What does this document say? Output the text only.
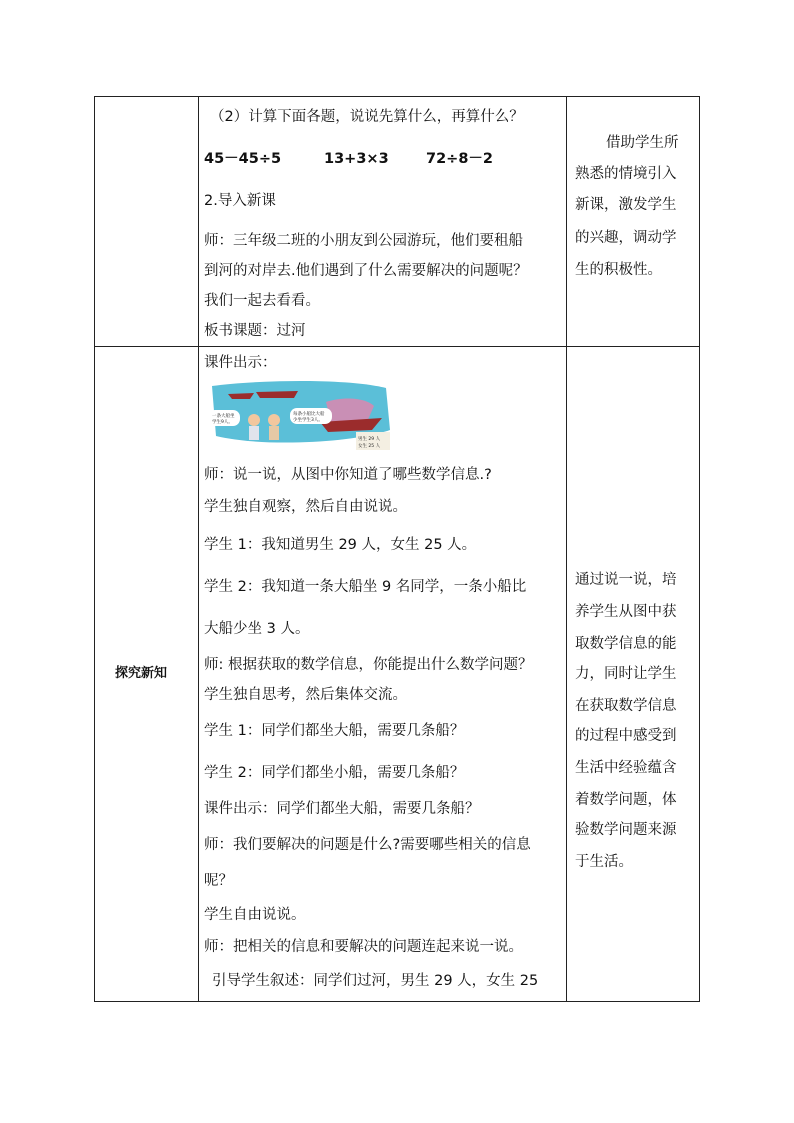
（2）计算下面各题，说说先算什么，再算什么？
45－45÷5	13+3×3	72÷8－2
2.导入新课
师：三年级二班的小朋友到公园游玩，他们要租船
到河的对岸去.他们遇到了什么需要解决的问题呢？
我们一起去看看。
板书课题：过河
借助学生所
熟悉的情境引入
新课，激发学生
的兴趣，调动学
生的积极性。
探究新知
课件出示：
一条大船坐
学生9人。
每条小船比大船
少坐学生3人。
男生 29 人
女生 25 人
师：说一说，从图中你知道了哪些数学信息.?
学生独自观察，然后自由说说。
学生 1：我知道男生 29 人，女生 25 人。
学生 2：我知道一条大船坐 9 名同学，一条小船比
大船少坐 3 人。
师: 根据获取的数学信息，你能提出什么数学问题？
学生独自思考，然后集体交流。
学生 1：同学们都坐大船，需要几条船？
学生 2：同学们都坐小船，需要几条船？
课件出示：同学们都坐大船，需要几条船？
师：我们要解决的问题是什么?需要哪些相关的信息
呢？
学生自由说说。
师：把相关的信息和要解决的问题连起来说一说。
引导学生叙述：同学们过河，男生 29 人，女生 25
通过说一说，培
养学生从图中获
取数学信息的能
力，同时让学生
在获取数学信息
的过程中感受到
生活中经验蕴含
着数学问题，体
验数学问题来源
于生活。
